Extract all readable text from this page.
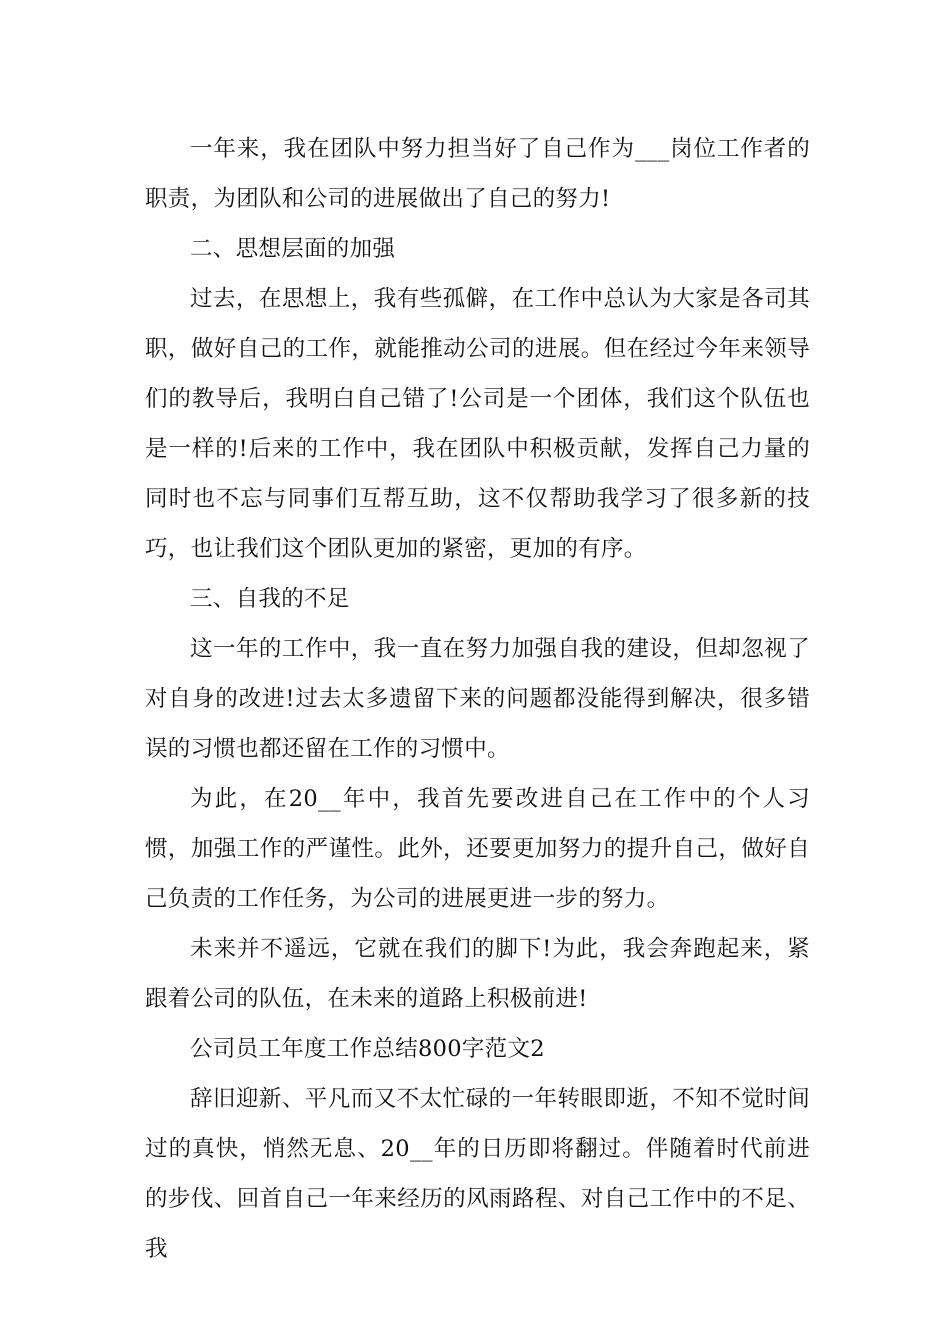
一年来，我在团队中努力担当好了自己作为___岗位工作者的职责，为团队和公司的进展做出了自己的努力!

二、思想层面的加强

过去，在思想上，我有些孤僻，在工作中总认为大家是各司其职，做好自己的工作，就能推动公司的进展。但在经过今年来领导们的教导后，我明白自己错了!公司是一个团体，我们这个队伍也是一样的!后来的工作中，我在团队中积极贡献，发挥自己力量的同时也不忘与同事们互帮互助，这不仅帮助我学习了很多新的技巧，也让我们这个团队更加的紧密，更加的有序。

三、自我的不足

这一年的工作中，我一直在努力加强自我的建设，但却忽视了对自身的改进!过去太多遗留下来的问题都没能得到解决，很多错误的习惯也都还留在工作的习惯中。

为此，在20__年中，我首先要改进自己在工作中的个人习惯，加强工作的严谨性。此外，还要更加努力的提升自己，做好自己负责的工作任务，为公司的进展更进一步的努力。

未来并不遥远，它就在我们的脚下!为此，我会奔跑起来，紧跟着公司的队伍，在未来的道路上积极前进!

公司员工年度工作总结800字范文2

辞旧迎新、平凡而又不太忙碌的一年转眼即逝，不知不觉时间过的真快，悄然无息、20__年的日历即将翻过。伴随着时代前进的步伐、回首自己一年来经历的风雨路程、对自己工作中的不足、我
